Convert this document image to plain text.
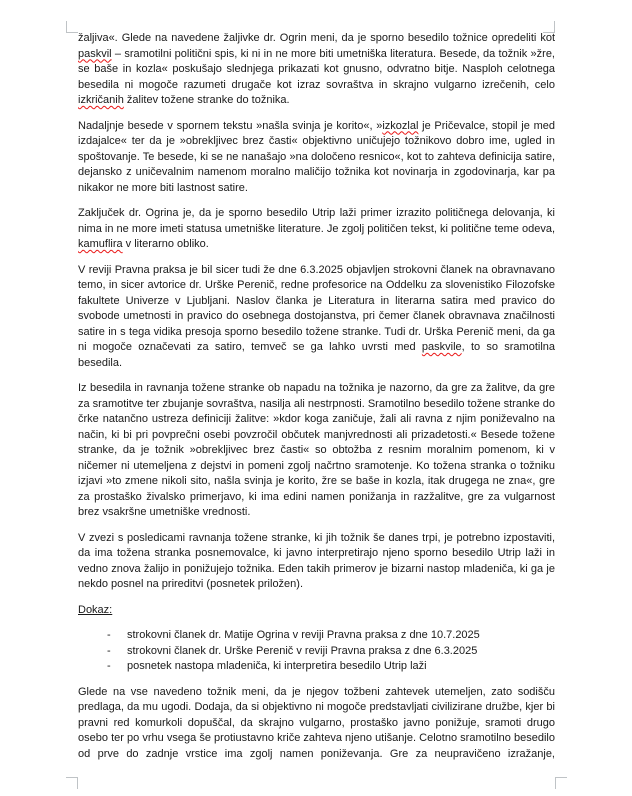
žaljiva«. Glede na navedene žaljivke dr. Ogrin meni, da je sporno besedilo tožnice opredeliti kot paskvil – sramotilni politični spis, ki ni in ne more biti umetniška literatura. Besede, da tožnik »žre, se baše in kozla« poskušajo slednjega prikazati kot gnusno, odvratno bitje. Nasploh celotnega besedila ni mogoče razumeti drugače kot izraz sovraštva in skrajno vulgarno izrečenih, celo izkričanih žalitev tožene stranke do tožnika.

Nadaljnje besede v spornem tekstu »našla svinja je korito«, »izkozlal je Pričevalce, stopil je med izdajalce« ter da je »obrekljivec brez časti« objektivno uničujejo tožnikovo dobro ime, ugled in spoštovanje. Te besede, ki se ne nanašajo »na določeno resnico«, kot to zahteva definicija satire, dejansko z uničevalnim namenom moralno maličijo tožnika kot novinarja in zgodovinarja, kar pa nikakor ne more biti lastnost satire.

Zaključek dr. Ogrina je, da je sporno besedilo Utrip laži primer izrazito političnega delovanja, ki nima in ne more imeti statusa umetniške literature. Je zgolj političen tekst, ki politične teme odeva, kamuflira v literarno obliko.

V reviji Pravna praksa je bil sicer tudi že dne 6.3.2025 objavljen strokovni članek na obravnavano temo, in sicer avtorice dr. Urške Perenič, redne profesorice na Oddelku za slovenistiko Filozofske fakultete Univerze v Ljubljani. Naslov članka je Literatura in literarna satira med pravico do svobode umetnosti in pravico do osebnega dostojanstva, pri čemer članek obravnava značilnosti satire in s tega vidika presoja sporno besedilo tožene stranke. Tudi dr. Urška Perenič meni, da ga ni mogoče označevati za satiro, temveč se ga lahko uvrsti med paskvile, to so sramotilna besedila.

Iz besedila in ravnanja tožene stranke ob napadu na tožnika je nazorno, da gre za žalitve, da gre za sramotitve ter zbujanje sovraštva, nasilja ali nestrpnosti. Sramotilno besedilo tožene stranke do črke natančno ustreza definiciji žalitve: »kdor koga zaničuje, žali ali ravna z njim poniževalno na način, ki bi pri povprečni osebi povzročil občutek manjvrednosti ali prizadetosti.« Besede tožene stranke, da je tožnik »obrekljivec brez časti« so obtožba z resnim moralnim pomenom, ki v ničemer ni utemeljena z dejstvi in pomeni zgolj načrtno sramotenje. Ko tožena stranka o tožniku izjavi »to zmene nikoli sito, našla svinja je korito, žre se baše in kozla, itak drugega ne zna«, gre za prostaško živalsko primerjavo, ki ima edini namen ponižanja in razžalitve, gre za vulgarnost brez vsakršne umetniške vrednosti.

V zvezi s posledicami ravnanja tožene stranke, ki jih tožnik še danes trpi, je potrebno izpostaviti, da ima tožena stranka posnemovalce, ki javno interpretirajo njeno sporno besedilo Utrip laži in vedno znova žalijo in ponižujejo tožnika. Eden takih primerov je bizarni nastop mladeniča, ki ga je nekdo posnel na prireditvi (posnetek priložen).

Dokaz:

- strokovni članek dr. Matije Ogrina v reviji Pravna praksa z dne 10.7.2025
- strokovni članek dr. Urške Perenič v reviji Pravna praksa z dne 6.3.2025
- posnetek nastopa mladeniča, ki interpretira besedilo Utrip laži

Glede na vse navedeno tožnik meni, da je njegov tožbeni zahtevek utemeljen, zato sodišču predlaga, da mu ugodi. Dodaja, da si objektivno ni mogoče predstavljati civilizirane družbe, kjer bi pravni red komurkoli dopuščal, da skrajno vulgarno, prostaško javno ponižuje, sramoti drugo osebo ter po vrhu vsega še protiustavno kriče zahteva njeno utišanje. Celotno sramotilno besedilo od prve do zadnje vrstice ima zgolj namen poniževanja. Gre za neupravičeno izražanje,
